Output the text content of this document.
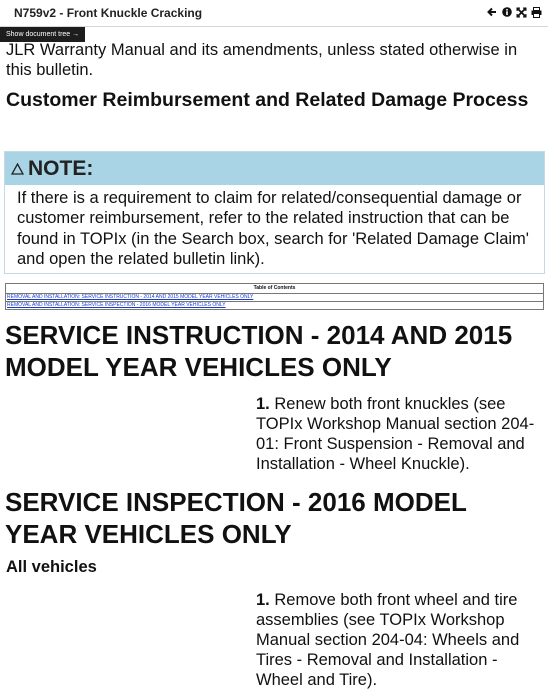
N759v2 - Front Knuckle Cracking
Show document tree →

JLR Warranty Manual and its amendments, unless stated otherwise in this bulletin.

Customer Reimbursement and Related Damage Process
NOTE:
If there is a requirement to claim for related/consequential damage or customer reimbursement, refer to the related instruction that can be found in TOPIx (in the Search box, search for 'Related Damage Claim' and open the related bulletin link).
Table of Contents
REMOVAL AND INSTALLATION: SERVICE INSTRUCTION - 2014 AND 2015 MODEL YEAR VEHICLES ONLY
REMOVAL AND INSTALLATION: SERVICE INSPECTION - 2016 MODEL YEAR VEHICLES ONLY
SERVICE INSTRUCTION - 2014 AND 2015 MODEL YEAR VEHICLES ONLY
1. Renew both front knuckles (see TOPIx Workshop Manual section 204-01: Front Suspension - Removal and Installation - Wheel Knuckle).
SERVICE INSPECTION - 2016 MODEL YEAR VEHICLES ONLY
All vehicles
1. Remove both front wheel and tire assemblies (see TOPIx Workshop Manual section 204-04: Wheels and Tires - Removal and Installation - Wheel and Tire).
